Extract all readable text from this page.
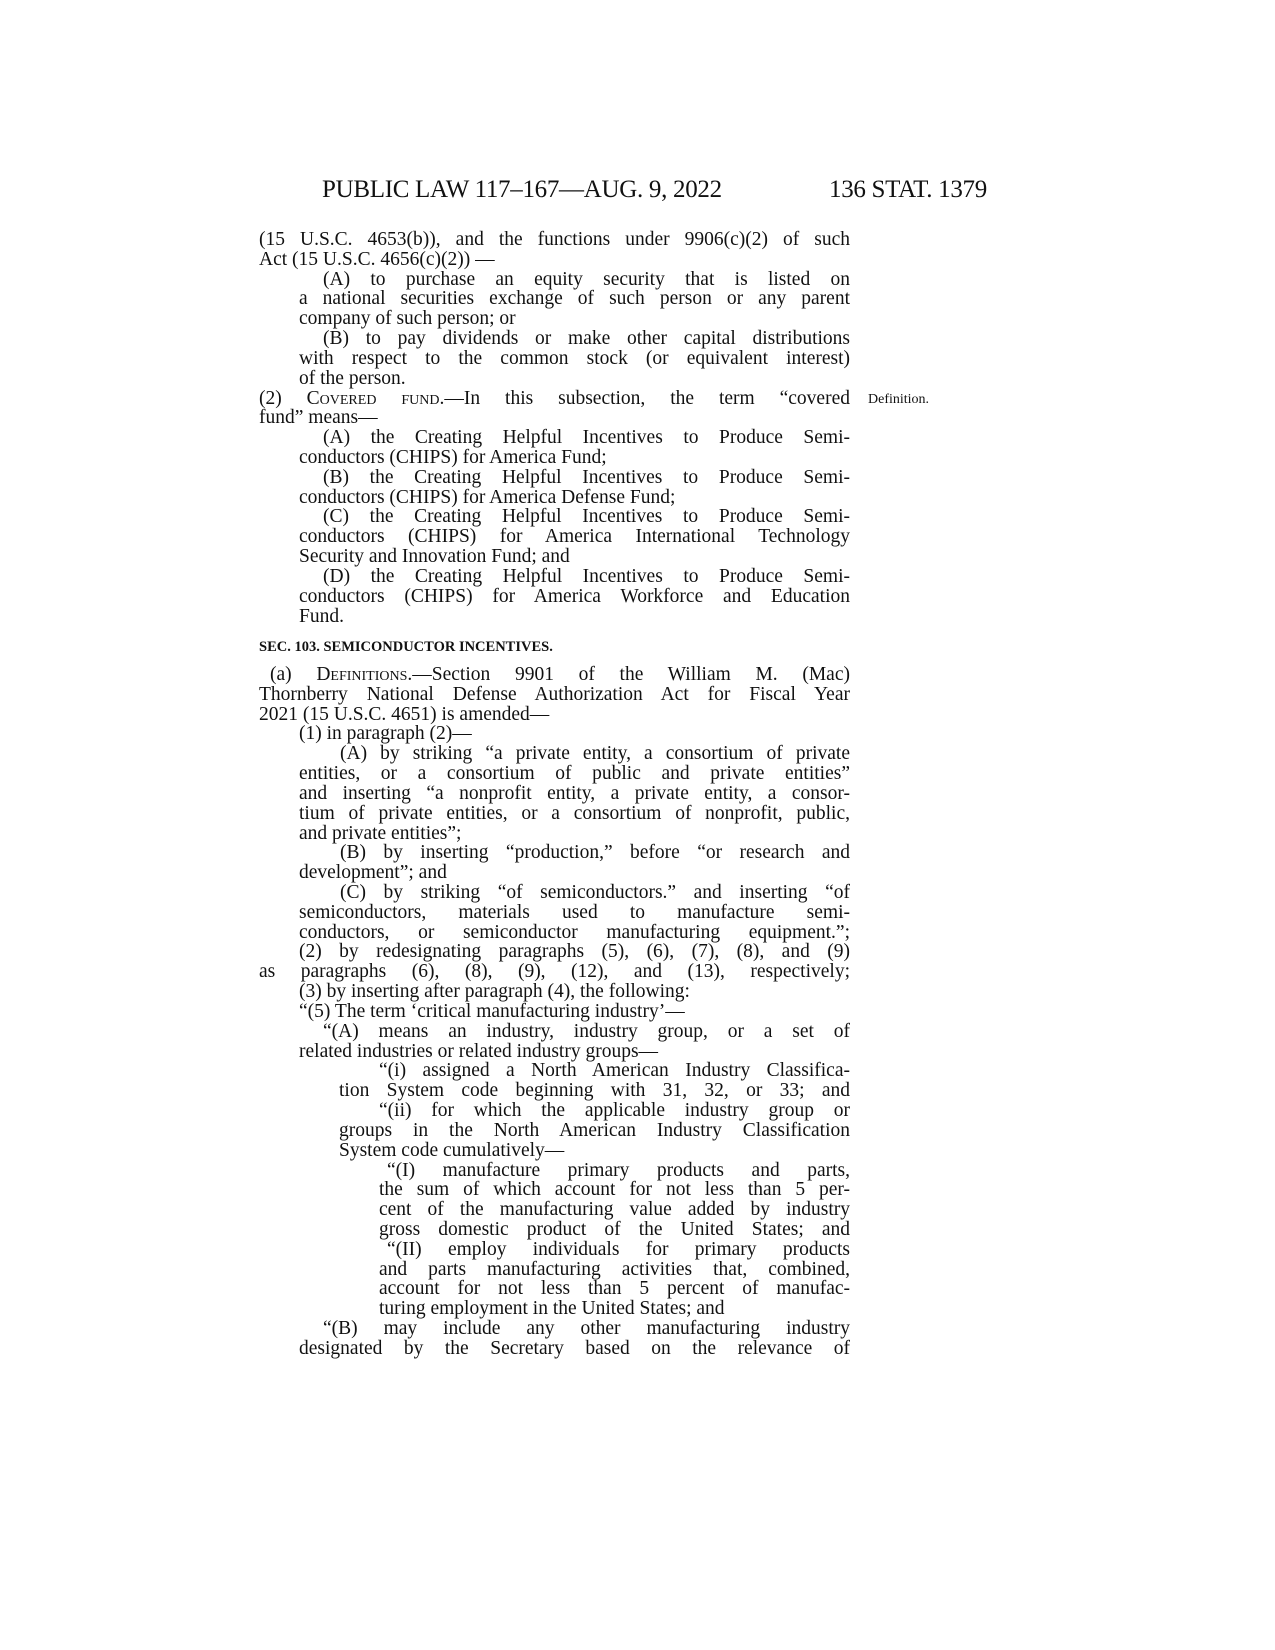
PUBLIC LAW 117–167—AUG. 9, 2022	136 STAT. 1379
Definition.
SEC. 103. SEMICONDUCTOR INCENTIVES.
(15 U.S.C. 4653(b)), and the functions under 9906(c)(2) of such
Act (15 U.S.C. 4656(c)(2)) —
(A) to purchase an equity security that is listed on
a national securities exchange of such person or any parent
company of such person; or
(B) to pay dividends or make other capital distributions
with respect to the common stock (or equivalent interest)
of the person.
(2) Covered fund.—In this subsection, the term “covered
fund” means—
(A) the Creating Helpful Incentives to Produce Semi-
conductors (CHIPS) for America Fund;
(B) the Creating Helpful Incentives to Produce Semi-
conductors (CHIPS) for America Defense Fund;
(C) the Creating Helpful Incentives to Produce Semi-
conductors (CHIPS) for America International Technology
Security and Innovation Fund; and
(D) the Creating Helpful Incentives to Produce Semi-
conductors (CHIPS) for America Workforce and Education
Fund.
(a) Definitions.—Section 9901 of the William M. (Mac)
Thornberry National Defense Authorization Act for Fiscal Year
2021 (15 U.S.C. 4651) is amended—
(1) in paragraph (2)—
(A) by striking “a private entity, a consortium of private
entities, or a consortium of public and private entities”
and inserting “a nonprofit entity, a private entity, a consor-
tium of private entities, or a consortium of nonprofit, public,
and private entities”;
(B) by inserting “production,” before “or research and
development”; and
(C) by striking “of semiconductors.” and inserting “of
semiconductors, materials used to manufacture semi-
conductors, or semiconductor manufacturing equipment.”;
(2) by redesignating paragraphs (5), (6), (7), (8), and (9)
as paragraphs (6), (8), (9), (12), and (13), respectively;
(3) by inserting after paragraph (4), the following:
“(5) The term ‘critical manufacturing industry’—
“(A) means an industry, industry group, or a set of
related industries or related industry groups—
“(i) assigned a North American Industry Classifica-
tion System code beginning with 31, 32, or 33; and
“(ii) for which the applicable industry group or
groups in the North American Industry Classification
System code cumulatively—
“(I) manufacture primary products and parts,
the sum of which account for not less than 5 per-
cent of the manufacturing value added by industry
gross domestic product of the United States; and
“(II) employ individuals for primary products
and parts manufacturing activities that, combined,
account for not less than 5 percent of manufac-
turing employment in the United States; and
“(B) may include any other manufacturing industry
designated by the Secretary based on the relevance of
